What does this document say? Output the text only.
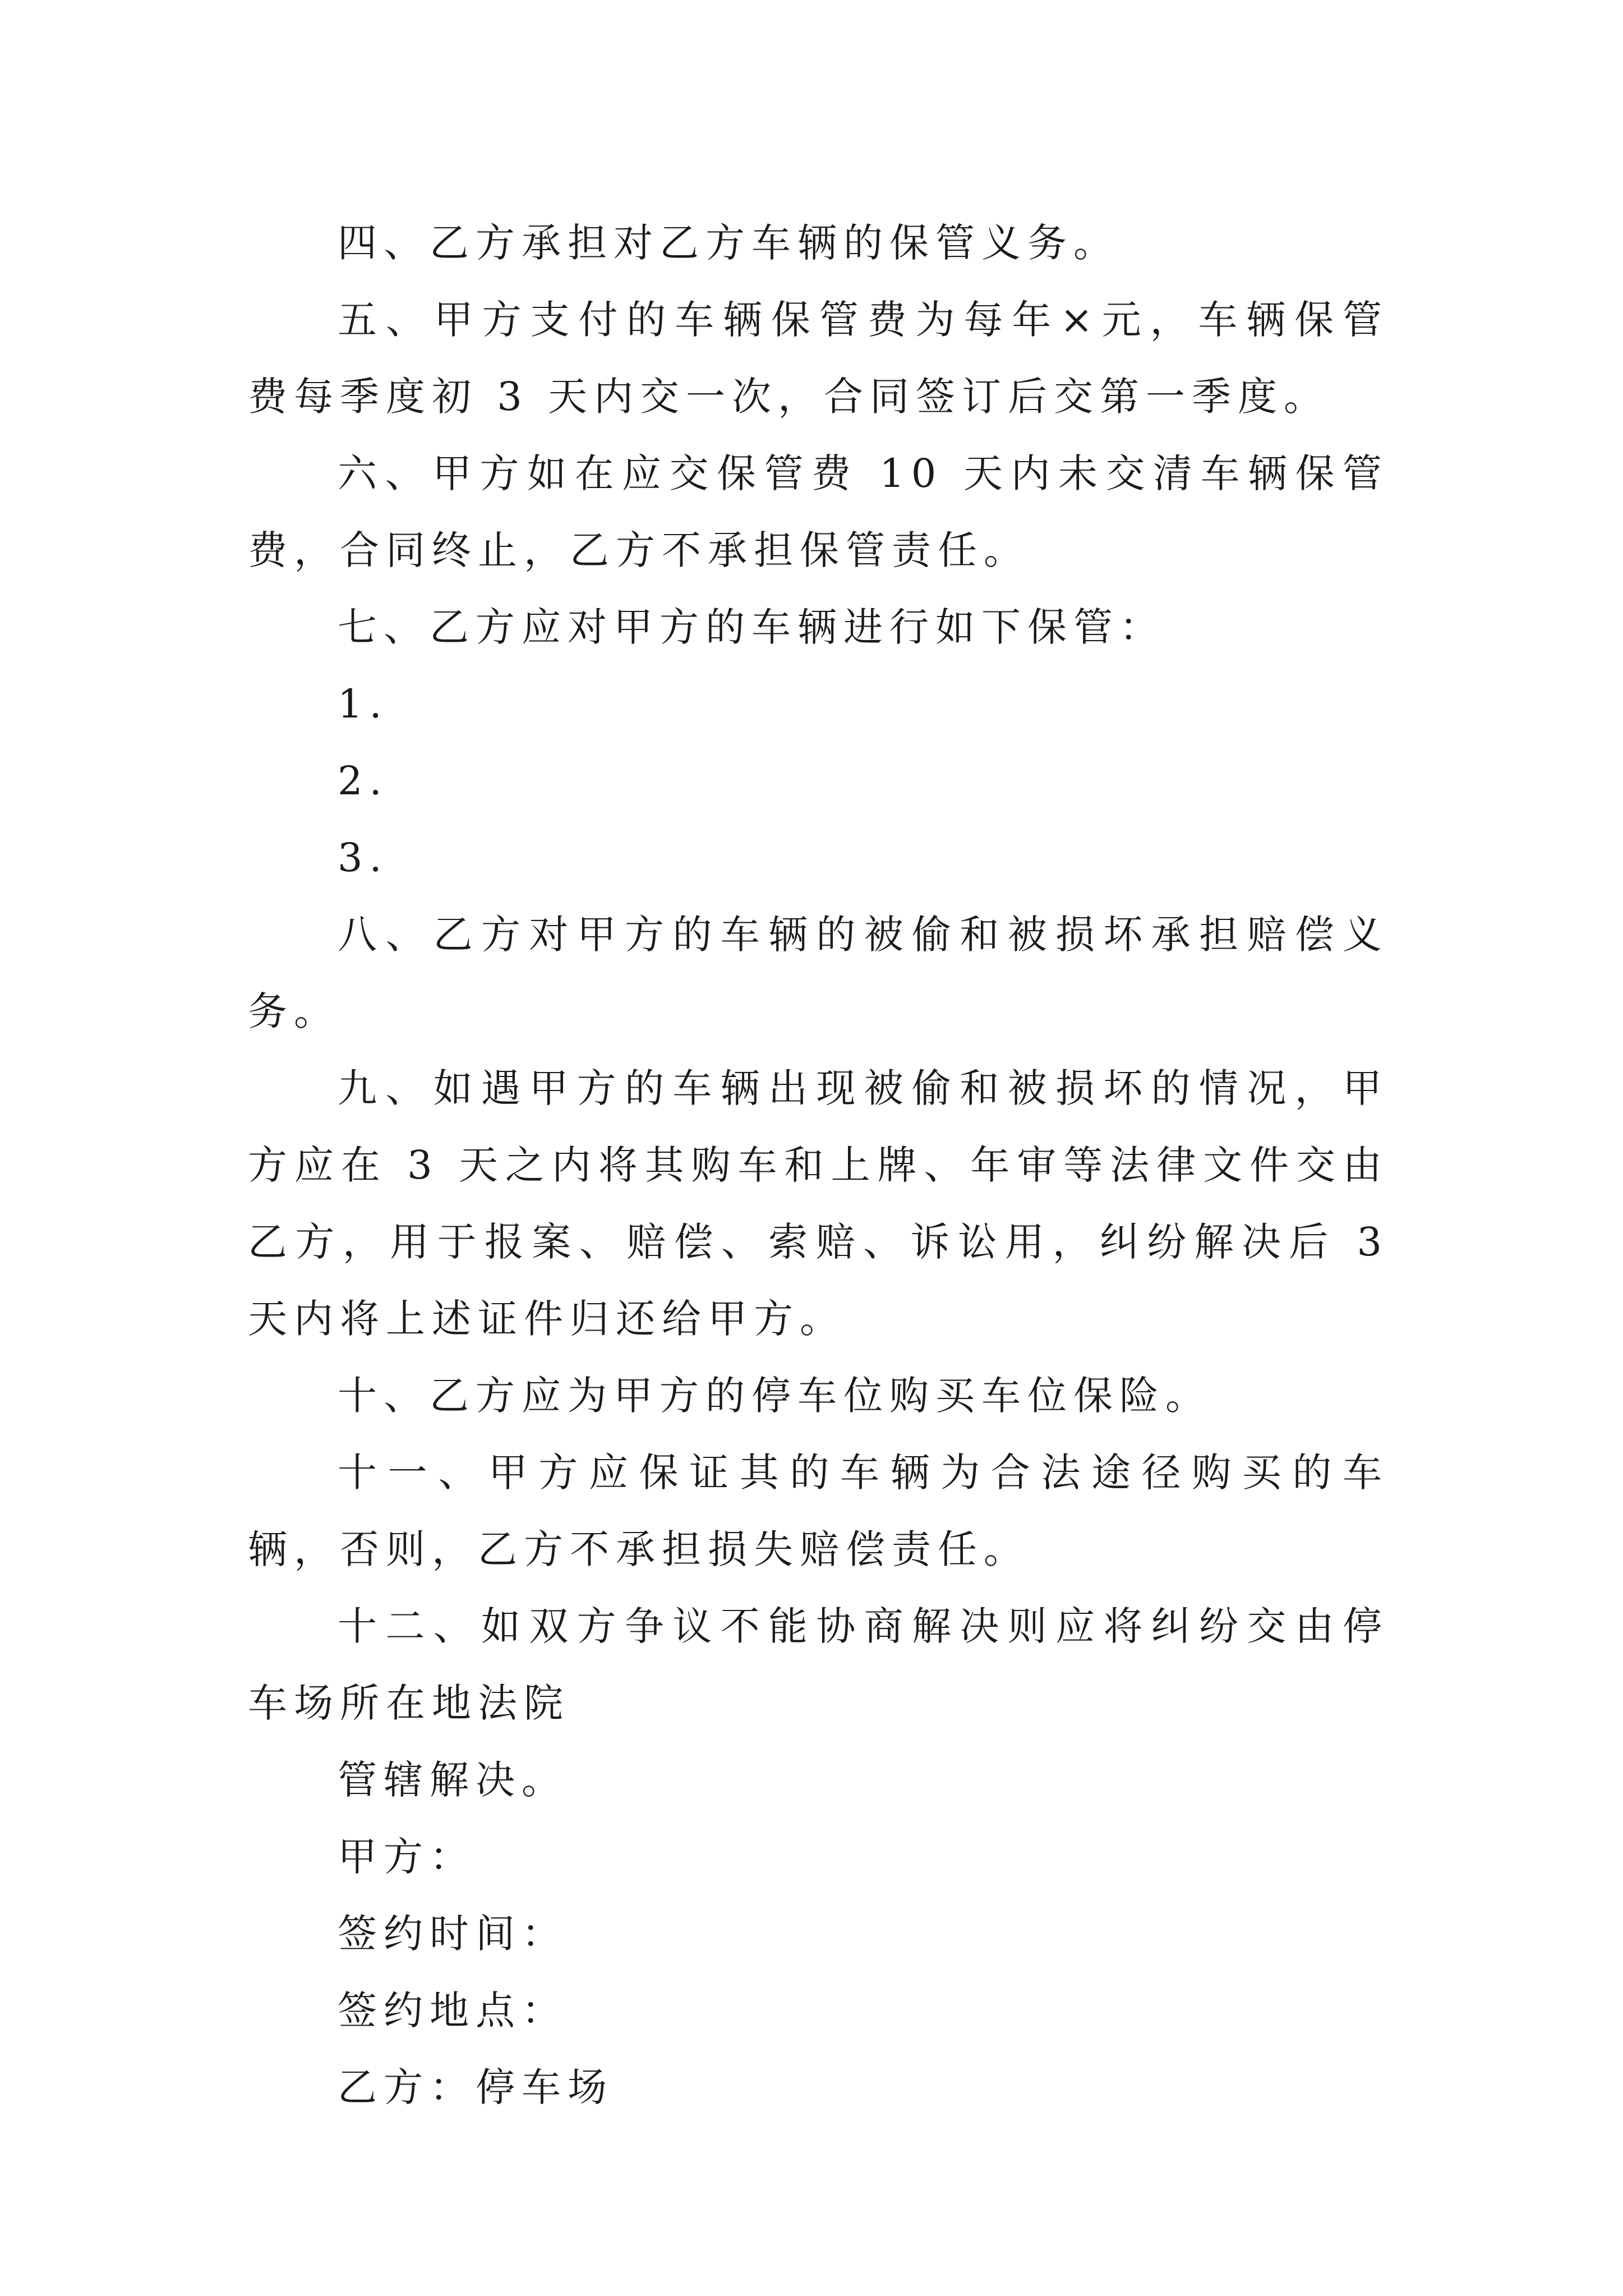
四、乙方承担对乙方车辆的保管义务。

五、甲方支付的车辆保管费为每年×元，车辆保管费每季度初 3 天内交一次，合同签订后交第一季度。

六、甲方如在应交保管费 10 天内未交清车辆保管费，合同终止，乙方不承担保管责任。

七、乙方应对甲方的车辆进行如下保管：

1.

2.

3.

八、乙方对甲方的车辆的被偷和被损坏承担赔偿义务。

九、如遇甲方的车辆出现被偷和被损坏的情况，甲方应在 3 天之内将其购车和上牌、年审等法律文件交由乙方，用于报案、赔偿、索赔、诉讼用，纠纷解决后 3 天内将上述证件归还给甲方。

十、乙方应为甲方的停车位购买车位保险。

十一、甲方应保证其的车辆为合法途径购买的车辆，否则，乙方不承担损失赔偿责任。

十二、如双方争议不能协商解决则应将纠纷交由停车场所在地法院

管辖解决。

甲方：

签约时间：

签约地点：

乙方：停车场
